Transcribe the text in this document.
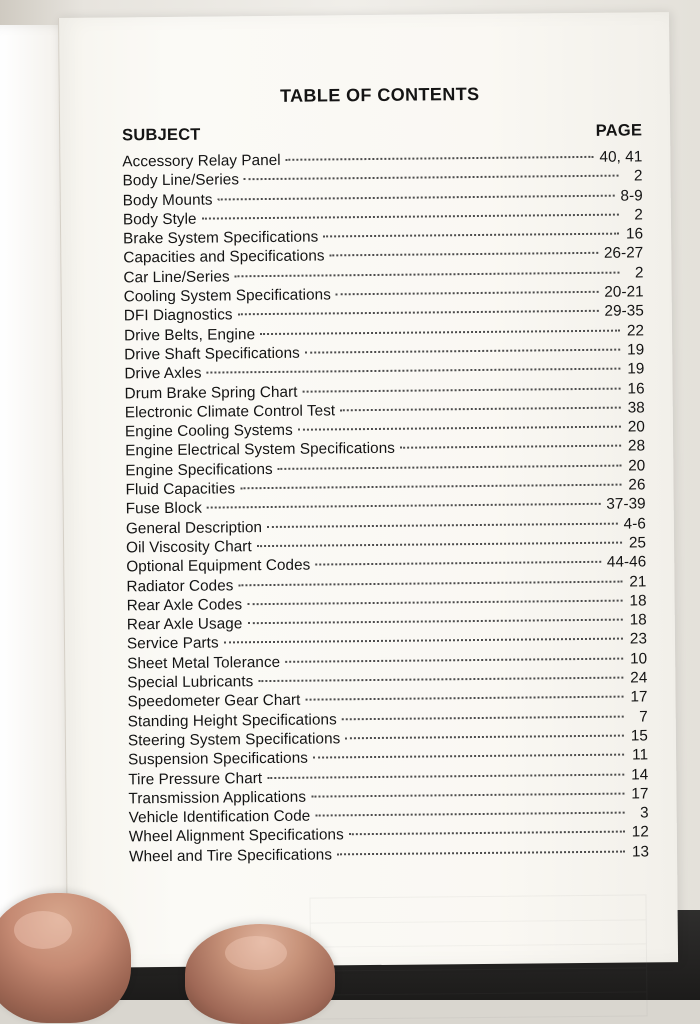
TABLE OF CONTENTS
SUBJECT	PAGE
Accessory Relay Panel	40, 41
Body Line/Series	2
Body Mounts	8-9
Body Style	2
Brake System Specifications	16
Capacities and Specifications	26-27
Car Line/Series	2
Cooling System Specifications	20-21
DFI Diagnostics	29-35
Drive Belts, Engine	22
Drive Shaft Specifications	19
Drive Axles	19
Drum Brake Spring Chart	16
Electronic Climate Control Test	38
Engine Cooling Systems	20
Engine Electrical System Specifications	28
Engine Specifications	20
Fluid Capacities	26
Fuse Block	37-39
General Description	4-6
Oil Viscosity Chart	25
Optional Equipment Codes	44-46
Radiator Codes	21
Rear Axle Codes	18
Rear Axle Usage	18
Service Parts	23
Sheet Metal Tolerance	10
Special Lubricants	24
Speedometer Gear Chart	17
Standing Height Specifications	7
Steering System Specifications	15
Suspension Specifications	11
Tire Pressure Chart	14
Transmission Applications	17
Vehicle Identification Code	3
Wheel Alignment Specifications	12
Wheel and Tire Specifications	13
